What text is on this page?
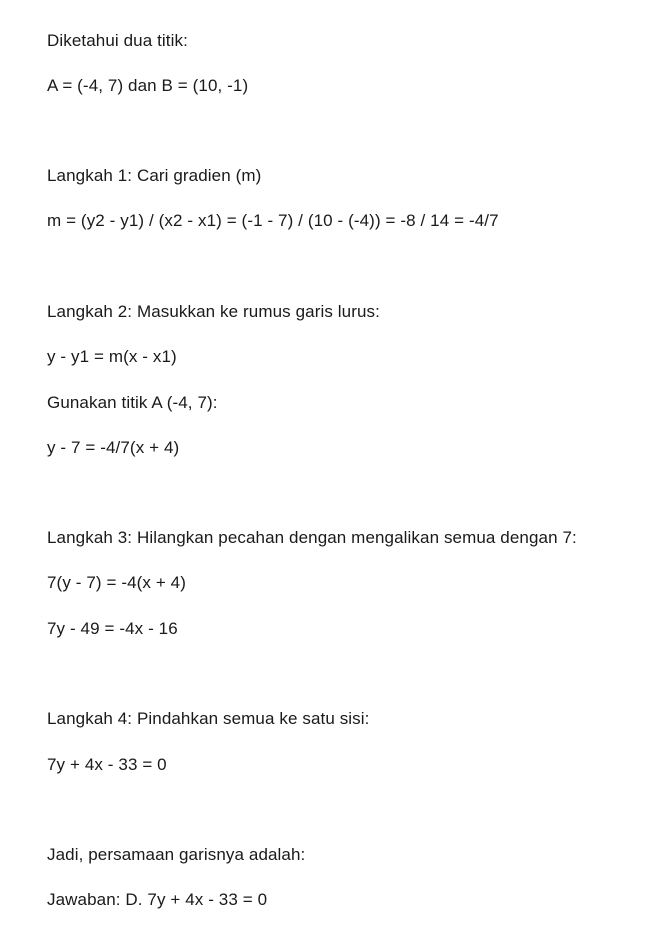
Diketahui dua titik:
A = (-4, 7) dan B = (10, -1)
Langkah 1: Cari gradien (m)
m = (y2 - y1) / (x2 - x1) = (-1 - 7) / (10 - (-4)) = -8 / 14 = -4/7
Langkah 2: Masukkan ke rumus garis lurus:
y - y1 = m(x - x1)
Gunakan titik A (-4, 7):
y - 7 = -4/7(x + 4)
Langkah 3: Hilangkan pecahan dengan mengalikan semua dengan 7:
7(y - 7) = -4(x + 4)
7y - 49 = -4x - 16
Langkah 4: Pindahkan semua ke satu sisi:
7y + 4x - 33 = 0
Jadi, persamaan garisnya adalah:
Jawaban: D. 7y + 4x - 33 = 0
